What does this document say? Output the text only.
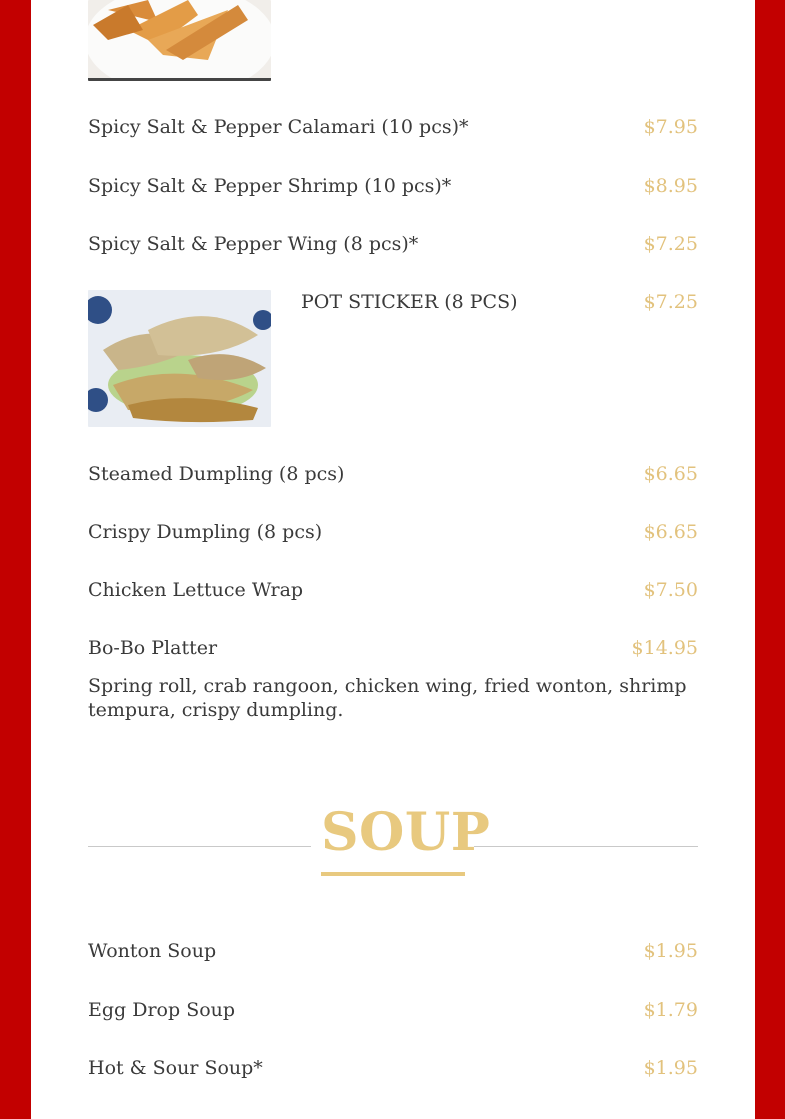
Spicy Salt & Pepper Calamari (10 pcs)*	$7.95
Spicy Salt & Pepper Shrimp (10 pcs)*	$8.95
Spicy Salt & Pepper Wing (8 pcs)*	$7.25
POT STICKER (8 PCS)	$7.25
Steamed Dumpling (8 pcs)	$6.65
Crispy Dumpling (8 pcs)	$6.65
Chicken Lettuce Wrap	$7.50
Bo-Bo Platter	$14.95
Spring roll, crab rangoon, chicken wing, fried wonton, shrimp tempura, crispy dumpling.
SOUP
Wonton Soup	$1.95
Egg Drop Soup	$1.79
Hot & Sour Soup*	$1.95
